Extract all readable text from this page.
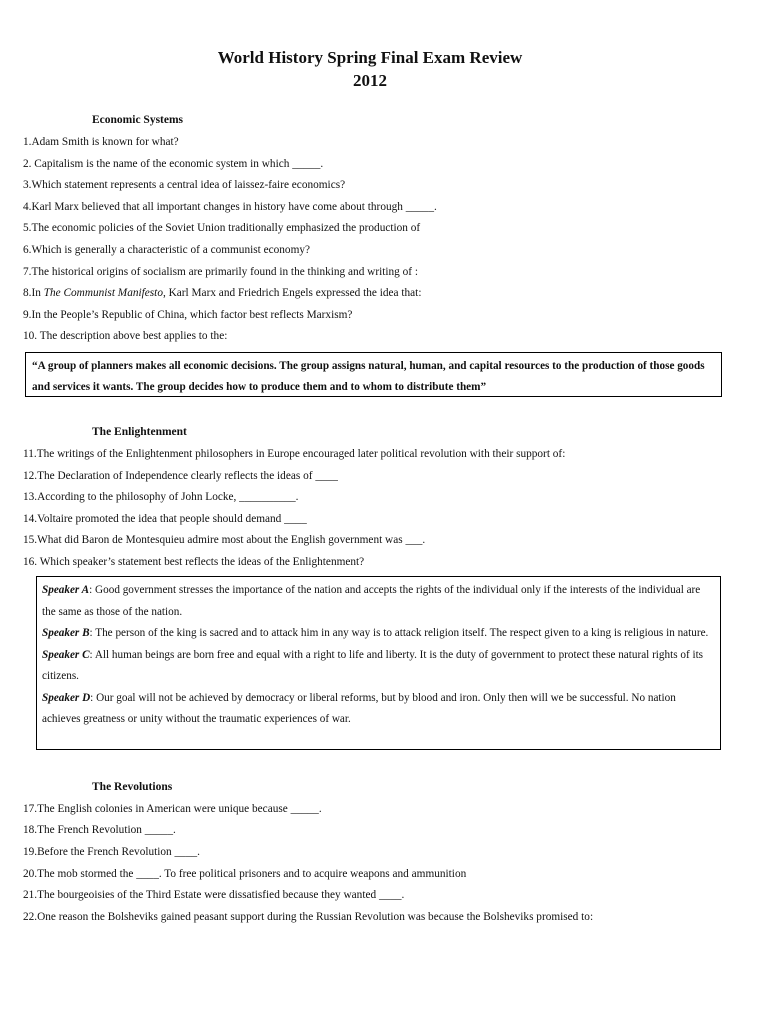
World History Spring Final Exam Review
2012
Economic Systems
1.Adam Smith is known for what?
2. Capitalism is the name of the economic system in which _____.
3.Which statement represents a central idea of laissez-faire economics?
4.Karl Marx believed that all important changes in history have come about through _____.
5.The economic policies of the Soviet Union traditionally emphasized the production of
6.Which is generally a characteristic of a communist economy?
7.The historical origins of socialism are primarily found in the thinking and writing of :
8.In The Communist Manifesto, Karl Marx and Friedrich Engels expressed the idea that:
9.In the People’s Republic of China, which factor best reflects Marxism?
10. The description above best applies to the:
“A group of planners makes all economic decisions. The group assigns natural, human, and capital resources to the production of those goods and services it wants. The group decides how to produce them and to whom to distribute them”
The Enlightenment
11.The writings of the Enlightenment philosophers in Europe encouraged later political revolution with their support of:
12.The Declaration of Independence clearly reflects the ideas of ____
13.According to the philosophy of John Locke, __________.
14.Voltaire promoted the idea that people should demand ____
15.What did Baron de Montesquieu admire most about the English government was ___.
16. Which speaker’s statement best reflects the ideas of the Enlightenment?
Speaker A: Good government stresses the importance of the nation and accepts the rights of the individual only if the interests of the individual are the same as those of the nation.
Speaker B: The person of the king is sacred and to attack him in any way is to attack religion itself. The respect given to a king is religious in nature.
Speaker C: All human beings are born free and equal with a right to life and liberty. It is the duty of government to protect these natural rights of its citizens.
Speaker D: Our goal will not be achieved by democracy or liberal reforms, but by blood and iron. Only then will we be successful. No nation achieves greatness or unity without the traumatic experiences of war.
The Revolutions
17.The English colonies in American were unique because _____.
18.The French Revolution _____.
19.Before the French Revolution ____.
20.The mob stormed the ____. To free political prisoners and to acquire weapons and ammunition
21.The bourgeoisies of the Third Estate were dissatisfied because they wanted ____.
22.One reason the Bolsheviks gained peasant support during the Russian Revolution was because the Bolsheviks promised to:
